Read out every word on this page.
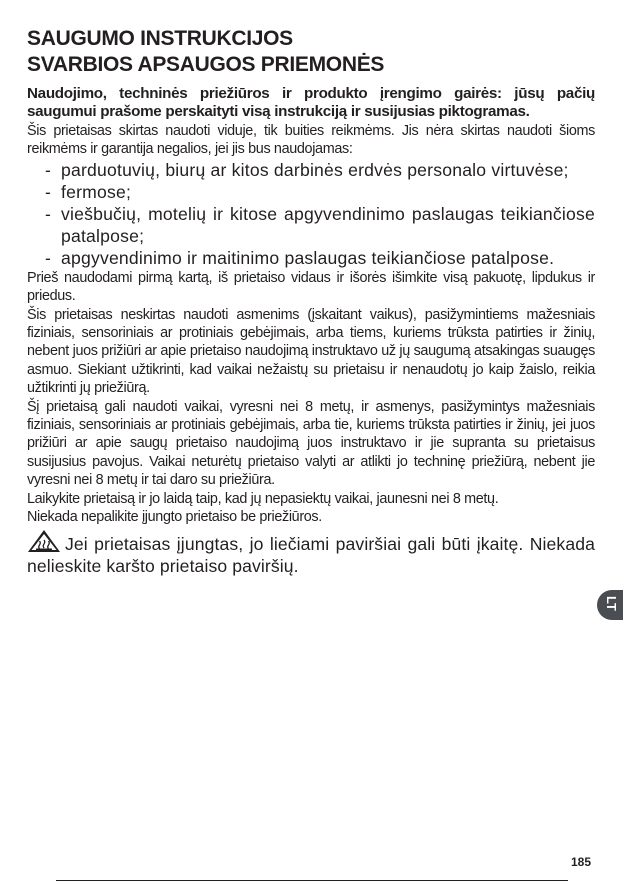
SAUGUMO INSTRUKCIJOS
SVARBIOS APSAUGOS PRIEMONĖS

Naudojimo, techninės priežiūros ir produkto įrengimo gairės: jūsų pačių saugumui prašome perskaityti visą instrukciją ir susijusias piktogramas.

Šis prietaisas skirtas naudoti viduje, tik buities reikmėms. Jis nėra skirtas naudoti šioms reikmėms ir garantija negalios, jei jis bus naudojamas:

- parduotuvių, biurų ar kitos darbinės erdvės personalo virtuvėse;
- fermose;
- viešbučių, motelių ir kitose apgyvendinimo paslaugas teikiančiose patalpose;
- apgyvendinimo ir maitinimo paslaugas teikiančiose patalpose.

Prieš naudodami pirmą kartą, iš prietaiso vidaus ir išorės išimkite visą pakuotę, lipdukus ir priedus.

Šis prietaisas neskirtas naudoti asmenims (įskaitant vaikus), pasižymintiems mažesniais fiziniais, sensoriniais ar protiniais gebėjimais, arba tiems, kuriems trūksta patirties ir žinių, nebent juos prižiūri ar apie prietaiso naudojimą instruktavo už jų saugumą atsakingas suaugęs asmuo. Siekiant užtikrinti, kad vaikai nežaistų su prietaisu ir nenaudotų jo kaip žaislo, reikia užtikrinti jų priežiūrą.

Šį prietaisą gali naudoti vaikai, vyresni nei 8 metų, ir asmenys, pasižymintys mažesniais fiziniais, sensoriniais ar protiniais gebėjimais, arba tie, kuriems trūksta patirties ir žinių, jei juos prižiūri ar apie saugų prietaiso naudojimą juos instruktavo ir jie supranta su prietaisus susijusius pavojus. Vaikai neturėtų prietaiso valyti ar atlikti jo techninę priežiūrą, nebent jie vyresni nei 8 metų ir tai daro su priežiūra.

Laikykite prietaisą ir jo laidą taip, kad jų nepasiektų vaikai, jaunesni nei 8 metų.

Niekada nepalikite įjungto prietaiso be priežiūros.

Jei prietaisas įjungtas, jo liečiami paviršiai gali būti įkaitę. Niekada nelieskite karšto prietaiso paviršių.
LT
185
